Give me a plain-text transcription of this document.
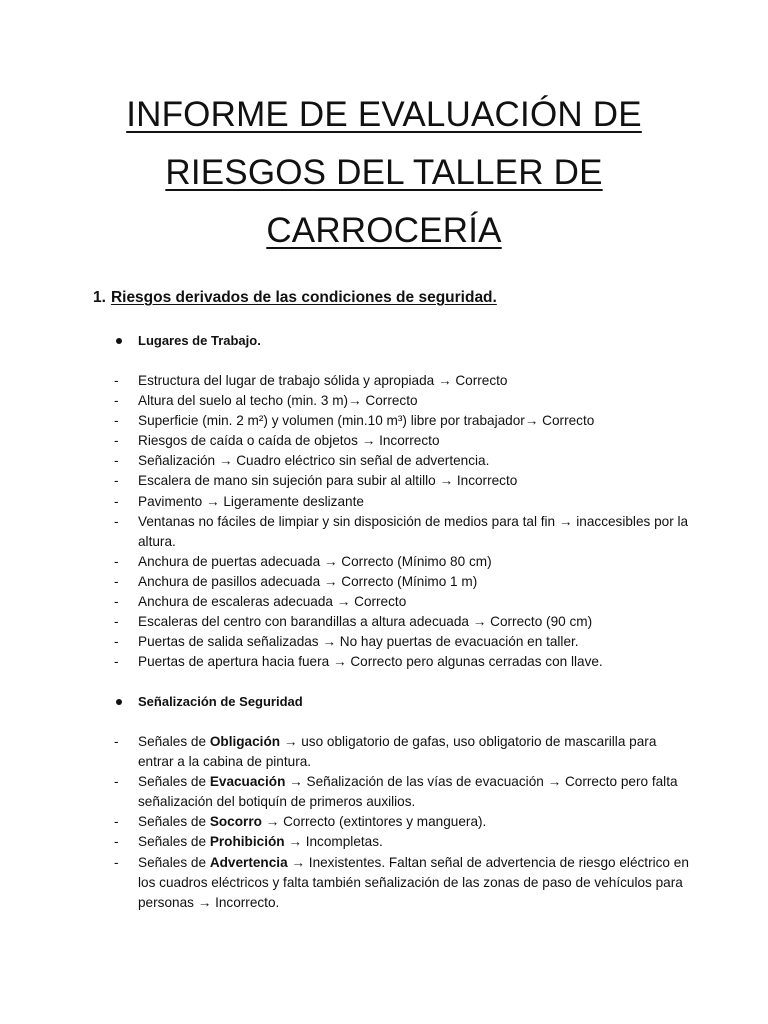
INFORME DE EVALUACIÓN DE
RIESGOS DEL TALLER DE
CARROCERÍA
1. Riesgos derivados de las condiciones de seguridad.
Lugares de Trabajo.
- Estructura del lugar de trabajo sólida y apropiada → Correcto
- Altura del suelo al techo (min. 3 m)→ Correcto
- Superficie (min. 2 m²) y volumen (min.10 m³) libre por trabajador→ Correcto
- Riesgos de caída o caída de objetos → Incorrecto
- Señalización → Cuadro eléctrico sin señal de advertencia.
- Escalera de mano sin sujeción para subir al altillo → Incorrecto
- Pavimento → Ligeramente deslizante
- Ventanas no fáciles de limpiar y sin disposición de medios para tal fin → inaccesibles por la altura.
- Anchura de puertas adecuada → Correcto (Mínimo 80 cm)
- Anchura de pasillos adecuada → Correcto (Mínimo 1 m)
- Anchura de escaleras adecuada → Correcto
- Escaleras del centro con barandillas a altura adecuada → Correcto (90 cm)
- Puertas de salida señalizadas → No hay puertas de evacuación en taller.
- Puertas de apertura hacia fuera → Correcto pero algunas cerradas con llave.
Señalización de Seguridad
- Señales de Obligación → uso obligatorio de gafas, uso obligatorio de mascarilla para entrar a la cabina de pintura.
- Señales de Evacuación → Señalización de las vías de evacuación → Correcto pero falta señalización del botiquín de primeros auxilios.
- Señales de Socorro → Correcto (extintores y manguera).
- Señales de Prohibición → Incompletas.
- Señales de Advertencia → Inexistentes. Faltan señal de advertencia de riesgo eléctrico en los cuadros eléctricos y falta también señalización de las zonas de paso de vehículos para personas → Incorrecto.
